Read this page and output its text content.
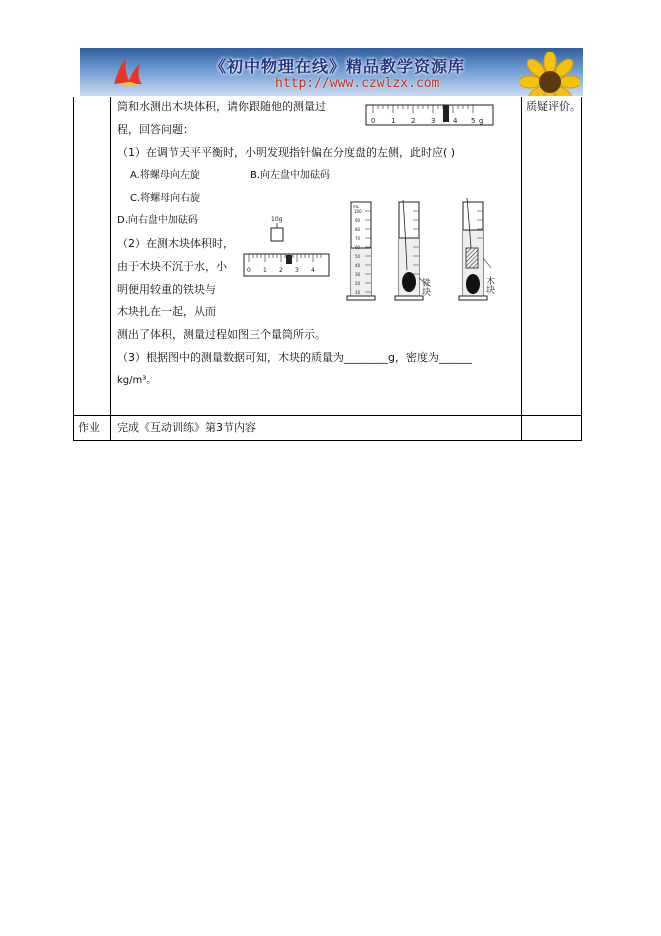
《初中物理在线》精品教学资源库
http://www.czwlzx.com
筒和水测出木块体积，请你跟随他的测量过
程，回答问题：
（1）在调节天平平衡时，小明发现指针偏在分度盘的左侧，此时应( )
A.将螺母向左旋	B.向左盘中加砝码
C.将螺母向右旋
D.向右盘中加砝码
（2）在测木块体积时，
由于木块不沉于水，小
明便用较重的铁块与
木块扎在一起，从而
测出了体积，测量过程如图三个量筒所示。
（3）根据图中的测量数据可知，木块的质量为________g，密度为______
kg/m³。
质疑评价。
作业 完成《互动训练》第3节内容
0 1 2 3	4 5 g
10g
0 1 2 3 4
mL
100
90
80
70
60
50
40
30
20
10	铁块	木块
